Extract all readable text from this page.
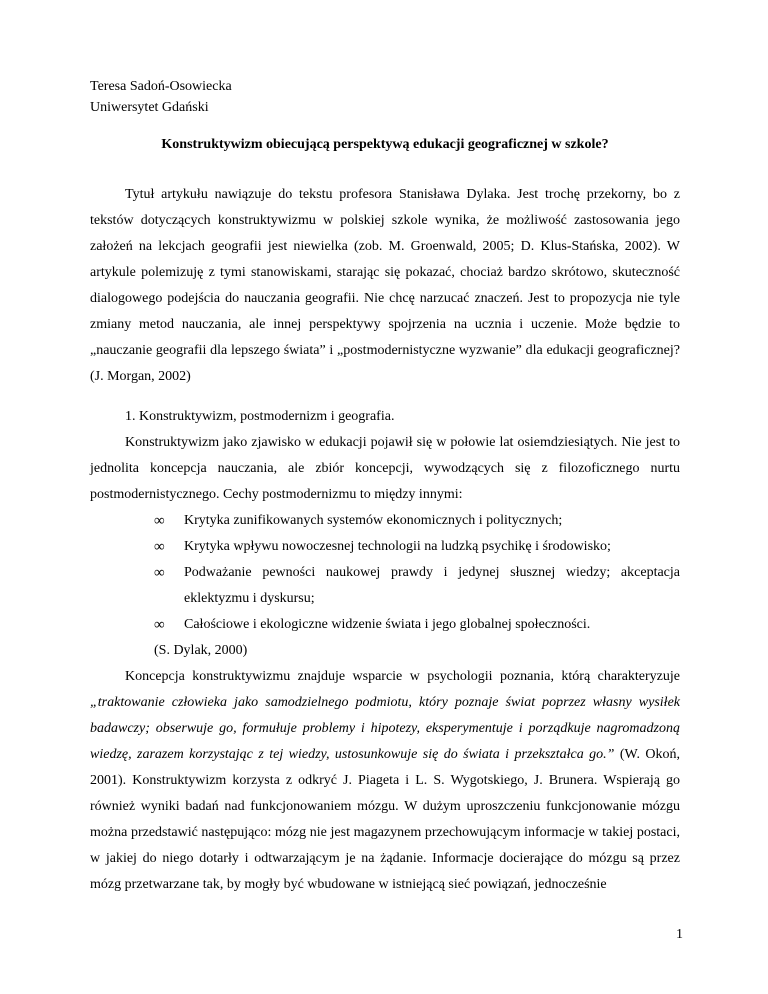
Teresa Sadoń-Osowiecka
Uniwersytet Gdański
Konstruktywizm obiecującą perspektywą edukacji geograficznej w szkole?

Tytuł artykułu nawiązuje do tekstu profesora Stanisława Dylaka. Jest trochę przekorny, bo z tekstów dotyczących konstruktywizmu w polskiej szkole wynika, że możliwość zastosowania jego założeń na lekcjach geografii jest niewielka (zob. M. Groenwald, 2005; D. Klus-Stańska, 2002). W artykule polemizuję z tymi stanowiskami, starając się pokazać, chociaż bardzo skrótowo, skuteczność dialogowego podejścia do nauczania geografii. Nie chcę narzucać znaczeń. Jest to propozycja nie tyle zmiany metod nauczania, ale innej perspektywy spojrzenia na ucznia i uczenie. Może będzie to „nauczanie geografii dla lepszego świata” i „postmodernistyczne wyzwanie” dla edukacji geograficznej? (J. Morgan, 2002)

1. Konstruktywizm, postmodernizm i geografia.

Konstruktywizm jako zjawisko w edukacji pojawił się w połowie lat osiemdziesiątych. Nie jest to jednolita koncepcja nauczania, ale zbiór koncepcji, wywodzących się z filozoficznego nurtu postmodernistycznego. Cechy postmodernizmu to między innymi:

∞	Krytyka zunifikowanych systemów ekonomicznych i politycznych;
∞	Krytyka wpływu nowoczesnej technologii na ludzką psychikę i środowisko;
∞	Podważanie pewności naukowej prawdy i jedynej słusznej wiedzy; akceptacja eklektyzmu i dyskursu;
∞	Całościowe i ekologiczne widzenie świata i jego globalnej społeczności.
(S. Dylak, 2000)

Koncepcja konstruktywizmu znajduje wsparcie w psychologii poznania, którą charakteryzuje „traktowanie człowieka jako samodzielnego podmiotu, który poznaje świat poprzez własny wysiłek badawczy; obserwuje go, formułuje problemy i hipotezy, eksperymentuje i porządkuje nagromadzoną wiedzę, zarazem korzystając z tej wiedzy, ustosunkowuje się do świata i przekształca go.” (W. Okoń, 2001). Konstruktywizm korzysta z odkryć J. Piageta i L. S. Wygotskiego, J. Brunera. Wspierają go również wyniki badań nad funkcjonowaniem mózgu. W dużym uproszczeniu funkcjonowanie mózgu można przedstawić następująco: mózg nie jest magazynem przechowującym informacje w takiej postaci, w jakiej do niego dotarły i odtwarzającym je na żądanie. Informacje docierające do mózgu są przez mózg przetwarzane tak, by mogły być wbudowane w istniejącą sieć powiązań, jednocześnie

1
